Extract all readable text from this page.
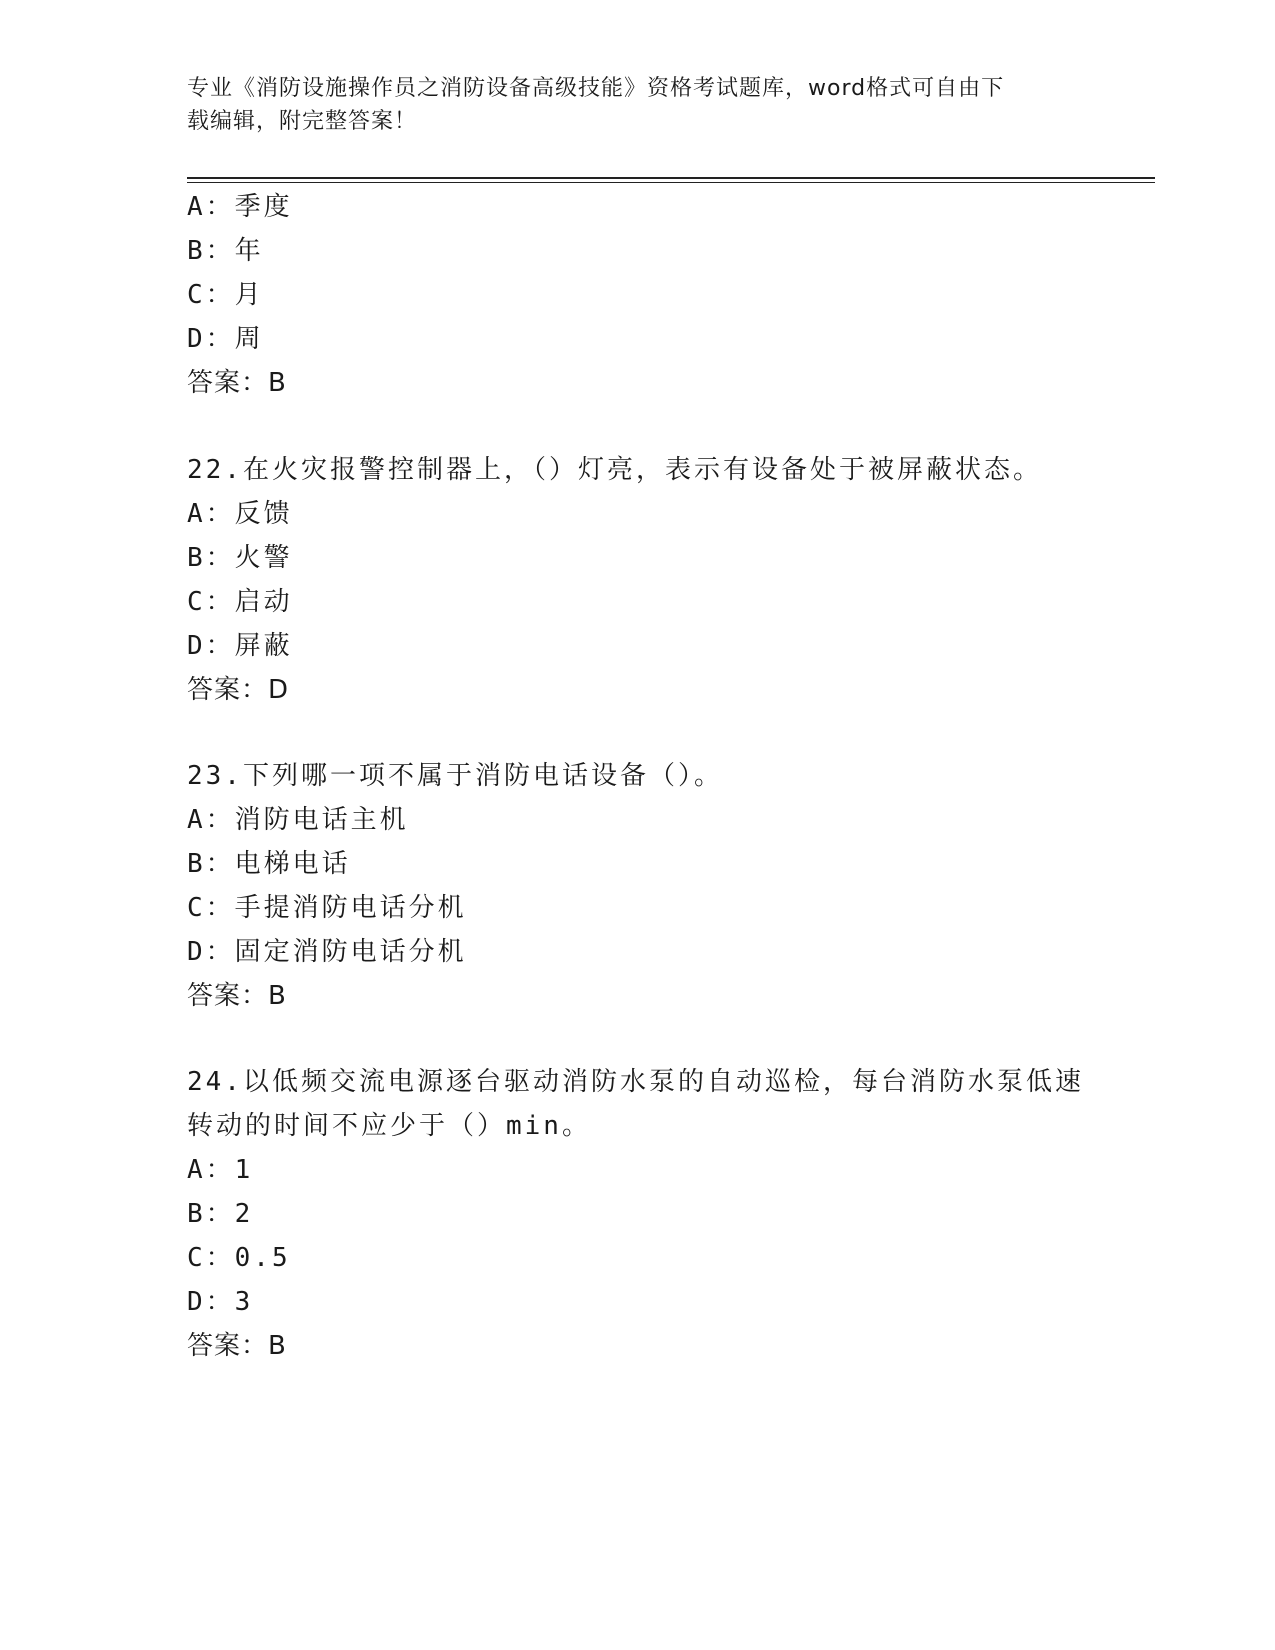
专业《消防设施操作员之消防设备高级技能》资格考试题库，word格式可自由下
载编辑，附完整答案！
A：季度
B：年
C：月
D：周
答案：B
22.在火灾报警控制器上，（）灯亮，表示有设备处于被屏蔽状态。
A：反馈
B：火警
C：启动
D：屏蔽
答案：D
23.下列哪一项不属于消防电话设备（）。
A：消防电话主机
B：电梯电话
C：手提消防电话分机
D：固定消防电话分机
答案：B
24.以低频交流电源逐台驱动消防水泵的自动巡检，每台消防水泵低速
转动的时间不应少于（）min。
A：1
B：2
C：0.5
D：3
答案：B
